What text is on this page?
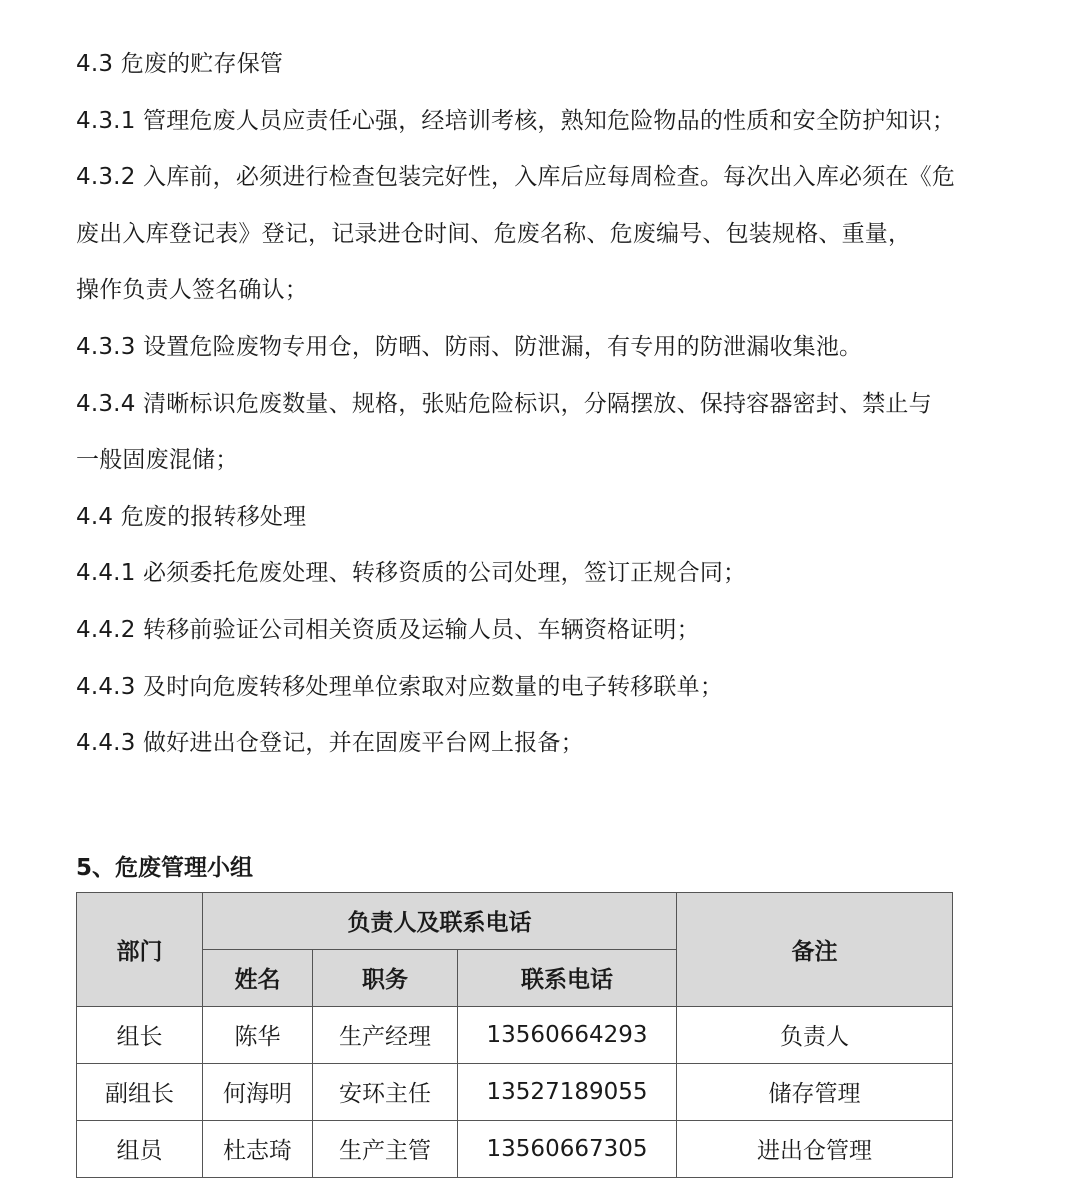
4.3 危废的贮存保管
4.3.1 管理危废人员应责任心强，经培训考核，熟知危险物品的性质和安全防护知识；
4.3.2 入库前，必须进行检查包装完好性，入库后应每周检查。每次出入库必须在《危
废出入库登记表》登记，记录进仓时间、危废名称、危废编号、包装规格、重量，
操作负责人签名确认；
4.3.3 设置危险废物专用仓，防晒、防雨、防泄漏，有专用的防泄漏收集池。
4.3.4 清晰标识危废数量、规格，张贴危险标识，分隔摆放、保持容器密封、禁止与
一般固废混储；
4.4 危废的报转移处理
4.4.1 必须委托危废处理、转移资质的公司处理，签订正规合同；
4.4.2 转移前验证公司相关资质及运输人员、车辆资格证明；
4.4.3 及时向危废转移处理单位索取对应数量的电子转移联单；
4.4.3 做好进出仓登记，并在固废平台网上报备；
5、危废管理小组
部门	负责人及联系电话			备注
	姓名	职务	联系电话	
组长	陈华	生产经理	13560664293	负责人
副组长	何海明	安环主任	13527189055	储存管理
组员	杜志琦	生产主管	13560667305	进出仓管理
